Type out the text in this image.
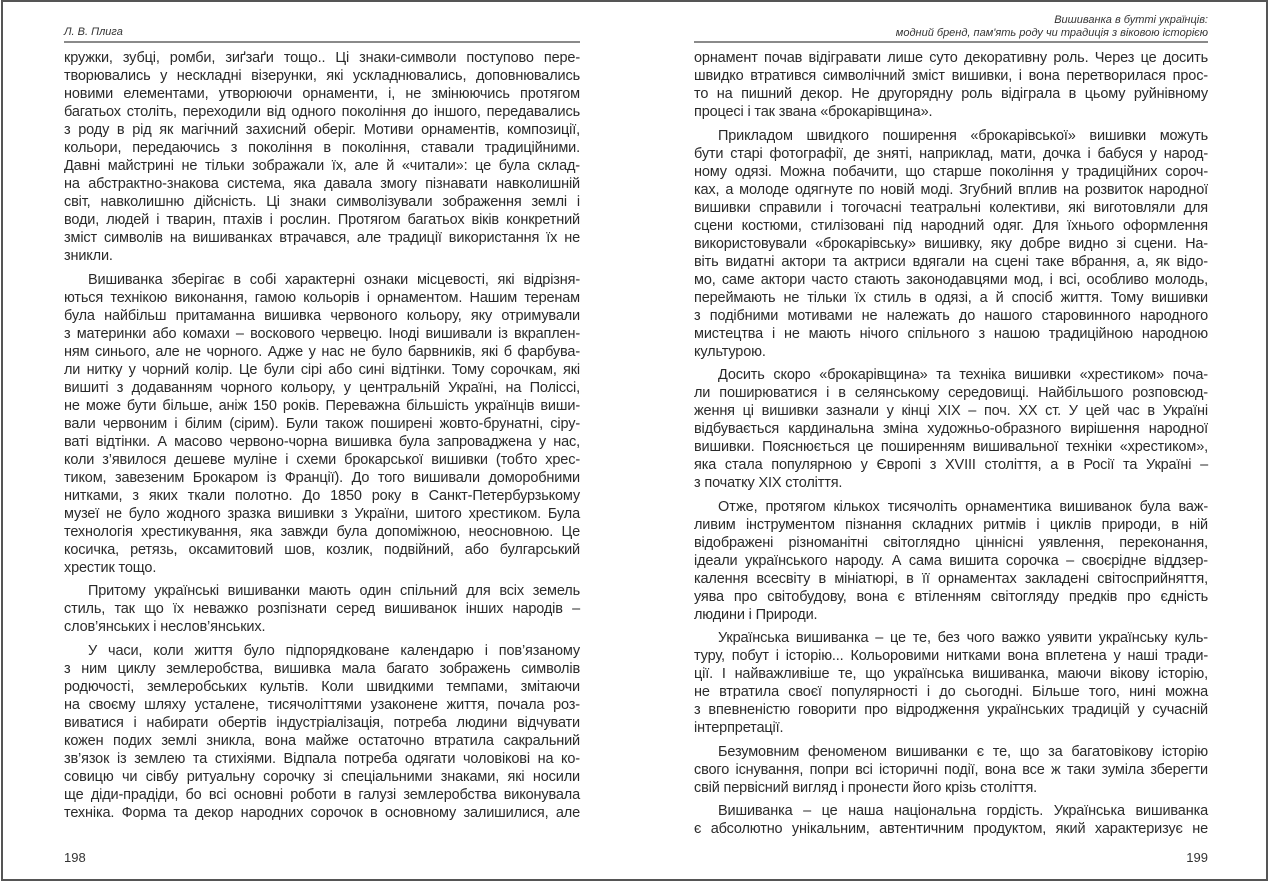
Л. В. Плига
кружки, зубці, ромби, зиґзаґи тощо.. Ці знаки-символи поступово пере-
творювались у нескладні візерунки, які ускладнювались, доповнювались
новими елементами, утворюючи орнаменти, і, не змінюючись протягом
багатьох століть, переходили від одного покоління до іншого, передавались
з роду в рід як магічний захисний оберіг. Мотиви орнаментів, композиції,
кольори, передаючись з покоління в покоління, ставали традиційними.
Давні майстрині не тільки зображали їх, але й «читали»: це була склад-
на абстрактно-знакова система, яка давала змогу пізнавати навколишній
світ, навколишню дійсність. Ці знаки символізували зображення землі і
води, людей і тварин, птахів і рослин. Протягом багатьох віків конкретний
зміст символів на вишиванках втрачався, але традиції використання їх не
зникли.
Вишиванка зберігає в собі характерні ознаки місцевості, які відрізня-
ються технікою виконання, гамою кольорів і орнаментом. Нашим теренам
була найбільш притаманна вишивка червоного кольору, яку отримували
з материнки або комахи – воскового червецю. Іноді вишивали із вкраплен-
ням синього, але не чорного. Адже у нас не було барвників, які б фарбува-
ли нитку у чорний колір. Це були сірі або сині відтінки. Тому сорочкам, які
вишиті з додаванням чорного кольору, у центральній Україні, на Поліссі,
не може бути більше, аніж 150 років. Переважна більшість українців виши-
вали червоним і білим (сірим). Були також поширені жовто-брунатні, сіру-
ваті відтінки. А масово червоно-чорна вишивка була запроваджена у нас,
коли з’явилося дешеве муліне і схеми брокарської вишивки (тобто хрес-
тиком, завезеним Брокаром із Франції). До того вишивали доморобними
нитками, з яких ткали полотно. До 1850 року в Санкт-Петербурзькому
музеї не було жодного зразка вишивки з України, шитого хрестиком. Була
технологія хрестикування, яка завжди була допоміжною, неосновною. Це
косичка, ретязь, оксамитовий шов, козлик, подвійний, або булгарський
хрестик тощо.
Притому українські вишиванки мають один спільний для всіх земель
стиль, так що їх неважко розпізнати серед вишиванок інших народів –
слов’янських і неслов’янських.
У часи, коли життя було підпорядковане календарю і пов’язаному
з ним циклу землеробства, вишивка мала багато зображень символів
родючості, землеробських культів. Коли швидкими темпами, змітаючи
на своєму шляху усталене, тисячоліттями узаконене життя, почала роз-
виватися і набирати обертів індустріалізація, потреба людини відчувати
кожен подих землі зникла, вона майже остаточно втратила сакральний
зв’язок із землею та стихіями. Відпала потреба одягати чоловікові на ко-
совицю чи сівбу ритуальну сорочку зі спеціальними знаками, які носили
ще діди-прадіди, бо всі основні роботи в галузі землеробства виконувала
техніка. Форма та декор народних сорочок в основному залишилися, але
198
Вишиванка в бутті українців:
модний бренд, пам'ять роду чи традиція з віковою історією
орнамент почав відігравати лише суто декоративну роль. Через це досить
швидко втратився символічний зміст вишивки, і вона перетворилася прос-
то на пишний декор. Не другорядну роль відіграла в цьому руйнівному
процесі і так звана «брокарівщина».
Прикладом швидкого поширення «брокарівської» вишивки можуть
бути старі фотографії, де зняті, наприклад, мати, дочка і бабуся у народ-
ному одязі. Можна побачити, що старше покоління у традиційних сороч-
ках, а молоде одягнуте по новій моді. Згубний вплив на розвиток народної
вишивки справили і тогочасні театральні колективи, які виготовляли для
сцени костюми, стилізовані під народний одяг. Для їхнього оформлення
використовували «брокарівську» вишивку, яку добре видно зі сцени. На-
віть видатні актори та актриси вдягали на сцені таке вбрання, а, як відо-
мо, саме актори часто стають законодавцями мод, і всі, особливо молодь,
переймають не тільки їх стиль в одязі, а й спосіб життя. Тому вишивки
з подібними мотивами не належать до нашого старовинного народного
мистецтва і не мають нічого спільного з нашою традиційною народною
культурою.
Досить скоро «брокарівщина» та техніка вишивки «хрестиком» поча-
ли поширюватися і в селянському середовищі. Найбільшого розповсюд-
ження ці вишивки зазнали у кінці XIX – поч. XX ст. У цей час в Україні
відбувається кардинальна зміна художньо-образного вирішення народної
вишивки. Пояснюється це поширенням вишивальної техніки «хрестиком»,
яка стала популярною у Європі з XVIII століття, а в Росії та Україні –
з початку XIX століття.
Отже, протягом кількох тисячоліть орнаментика вишиванок була важ-
ливим інструментом пізнання складних ритмів і циклів природи, в ній
відображені різноманітні світоглядно ціннісні уявлення, переконання,
ідеали українського народу. А сама вишита сорочка – своєрідне віддзер-
калення всесвіту в мініатюрі, в її орнаментах закладені світосприйняття,
уява про світобудову, вона є втіленням світогляду предків про єдність
людини і Природи.
Українська вишиванка – це те, без чого важко уявити українську куль-
туру, побут і історію... Кольоровими нитками вона вплетена у наші тради-
ції. І найважливіше те, що українська вишиванка, маючи вікову історію,
не втратила своєї популярності і до сьогодні. Більше того, нині можна
з впевненістю говорити про відродження українських традицій у сучасній
інтерпретації.
Безумовним феноменом вишиванки є те, що за багатовікову історію
свого існування, попри всі історичні події, вона все ж таки зуміла зберегти
свій первісний вигляд і пронести його крізь століття.
Вишиванка – це наша національна гордість. Українська вишиванка
є абсолютно унікальним, автентичним продуктом, який характеризує не
199
